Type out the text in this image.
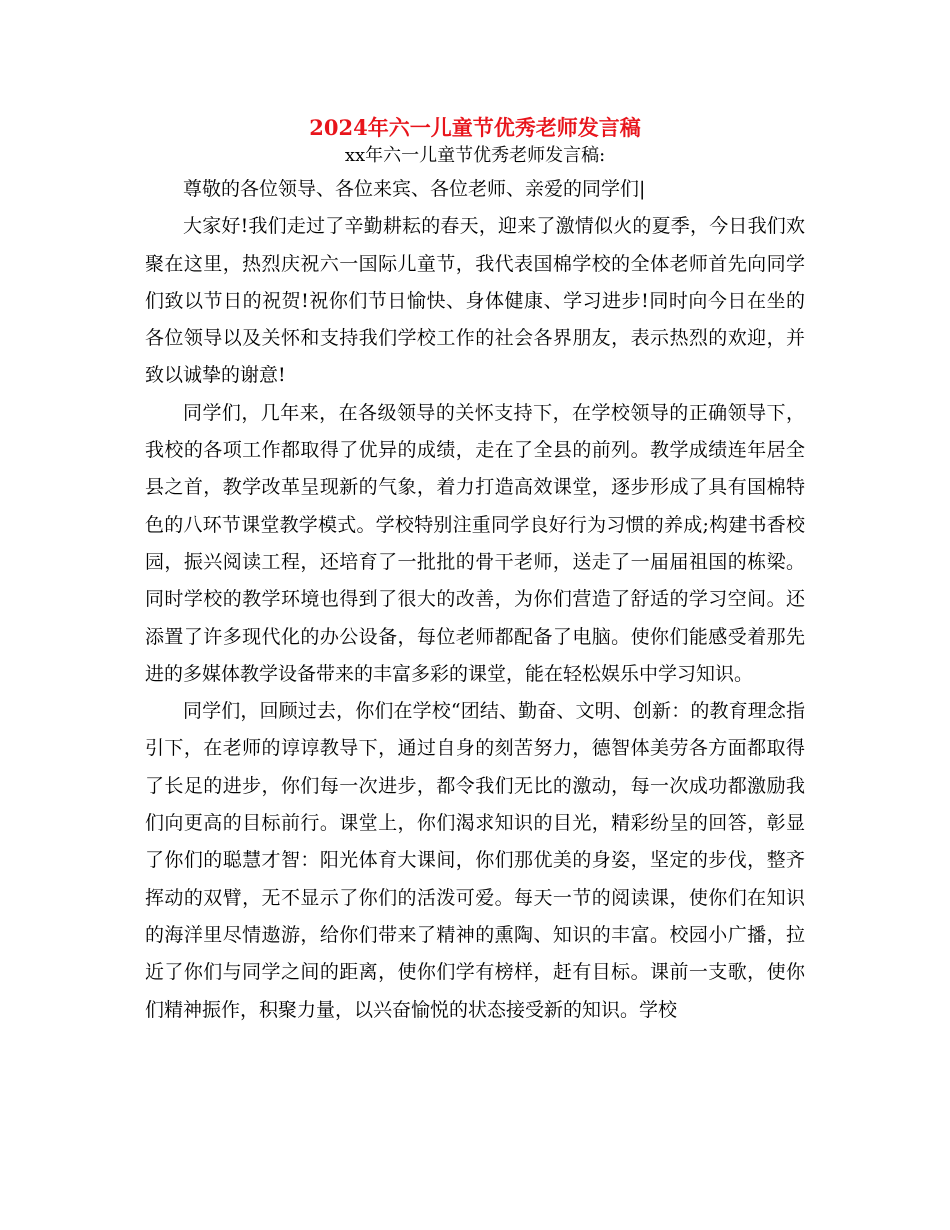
2024年六一儿童节优秀老师发言稿
xx年六一儿童节优秀老师发言稿:

尊敬的各位领导、各位来宾、各位老师、亲爱的同学们|

大家好!我们走过了辛勤耕耘的春天，迎来了激情似火的夏季，今日我们欢聚在这里，热烈庆祝六一国际儿童节，我代表国棉学校的全体老师首先向同学们致以节日的祝贺!祝你们节日愉快、身体健康、学习进步!同时向今日在坐的各位领导以及关怀和支持我们学校工作的社会各界朋友，表示热烈的欢迎，并致以诚挚的谢意!

同学们，几年来，在各级领导的关怀支持下，在学校领导的正确领导下，我校的各项工作都取得了优异的成绩，走在了全县的前列。教学成绩连年居全县之首，教学改革呈现新的气象，着力打造高效课堂，逐步形成了具有国棉特色的八环节课堂教学模式。学校特别注重同学良好行为习惯的养成;构建书香校园，振兴阅读工程，还培育了一批批的骨干老师，送走了一届届祖国的栋梁。同时学校的教学环境也得到了很大的改善，为你们营造了舒适的学习空间。还添置了许多现代化的办公设备，每位老师都配备了电脑。使你们能感受着那先进的多媒体教学设备带来的丰富多彩的课堂，能在轻松娱乐中学习知识。

同学们，回顾过去，你们在学校“团结、勤奋、文明、创新：的教育理念指引下，在老师的谆谆教导下，通过自身的刻苦努力，德智体美劳各方面都取得了长足的进步，你们每一次进步，都令我们无比的激动，每一次成功都激励我们向更高的目标前行。课堂上，你们渴求知识的目光，精彩纷呈的回答，彰显了你们的聪慧才智：阳光体育大课间，你们那优美的身姿，坚定的步伐，整齐挥动的双臂，无不显示了你们的活泼可爱。每天一节的阅读课，使你们在知识的海洋里尽情遨游，给你们带来了精神的熏陶、知识的丰富。校园小广播，拉近了你们与同学之间的距离，使你们学有榜样，赶有目标。课前一支歌，使你们精神振作，积聚力量，以兴奋愉悦的状态接受新的知识。学校
